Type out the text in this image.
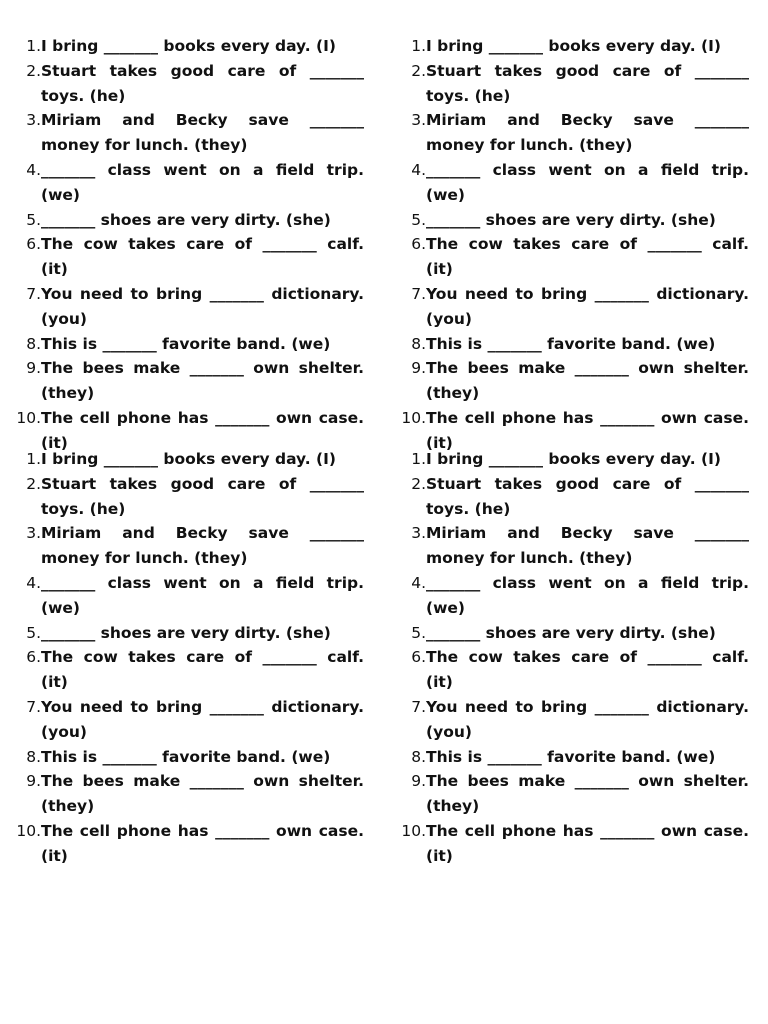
1. I bring _______ books every day. (I)
2. Stuart takes good care of _______ toys. (he)
3. Miriam and Becky save _______ money for lunch. (they)
4. _______ class went on a field trip. (we)
5. _______ shoes are very dirty. (she)
6. The cow takes care of _______ calf. (it)
7. You need to bring _______ dictionary. (you)
8. This is _______ favorite band. (we)
9. The bees make _______ own shelter. (they)
10. The cell phone has _______ own case. (it)
1. I bring _______ books every day. (I)
2. Stuart takes good care of _______ toys. (he)
3. Miriam and Becky save _______ money for lunch. (they)
4. _______ class went on a field trip. (we)
5. _______ shoes are very dirty. (she)
6. The cow takes care of _______ calf. (it)
7. You need to bring _______ dictionary. (you)
8. This is _______ favorite band. (we)
9. The bees make _______ own shelter. (they)
10. The cell phone has _______ own case. (it)
1. I bring _______ books every day. (I)
2. Stuart takes good care of _______ toys. (he)
3. Miriam and Becky save _______ money for lunch. (they)
4. _______ class went on a field trip. (we)
5. _______ shoes are very dirty. (she)
6. The cow takes care of _______ calf. (it)
7. You need to bring _______ dictionary. (you)
8. This is _______ favorite band. (we)
9. The bees make _______ own shelter. (they)
10. The cell phone has _______ own case. (it)
1. I bring _______ books every day. (I)
2. Stuart takes good care of _______ toys. (he)
3. Miriam and Becky save _______ money for lunch. (they)
4. _______ class went on a field trip. (we)
5. _______ shoes are very dirty. (she)
6. The cow takes care of _______ calf. (it)
7. You need to bring _______ dictionary. (you)
8. This is _______ favorite band. (we)
9. The bees make _______ own shelter. (they)
10. The cell phone has _______ own case. (it)
